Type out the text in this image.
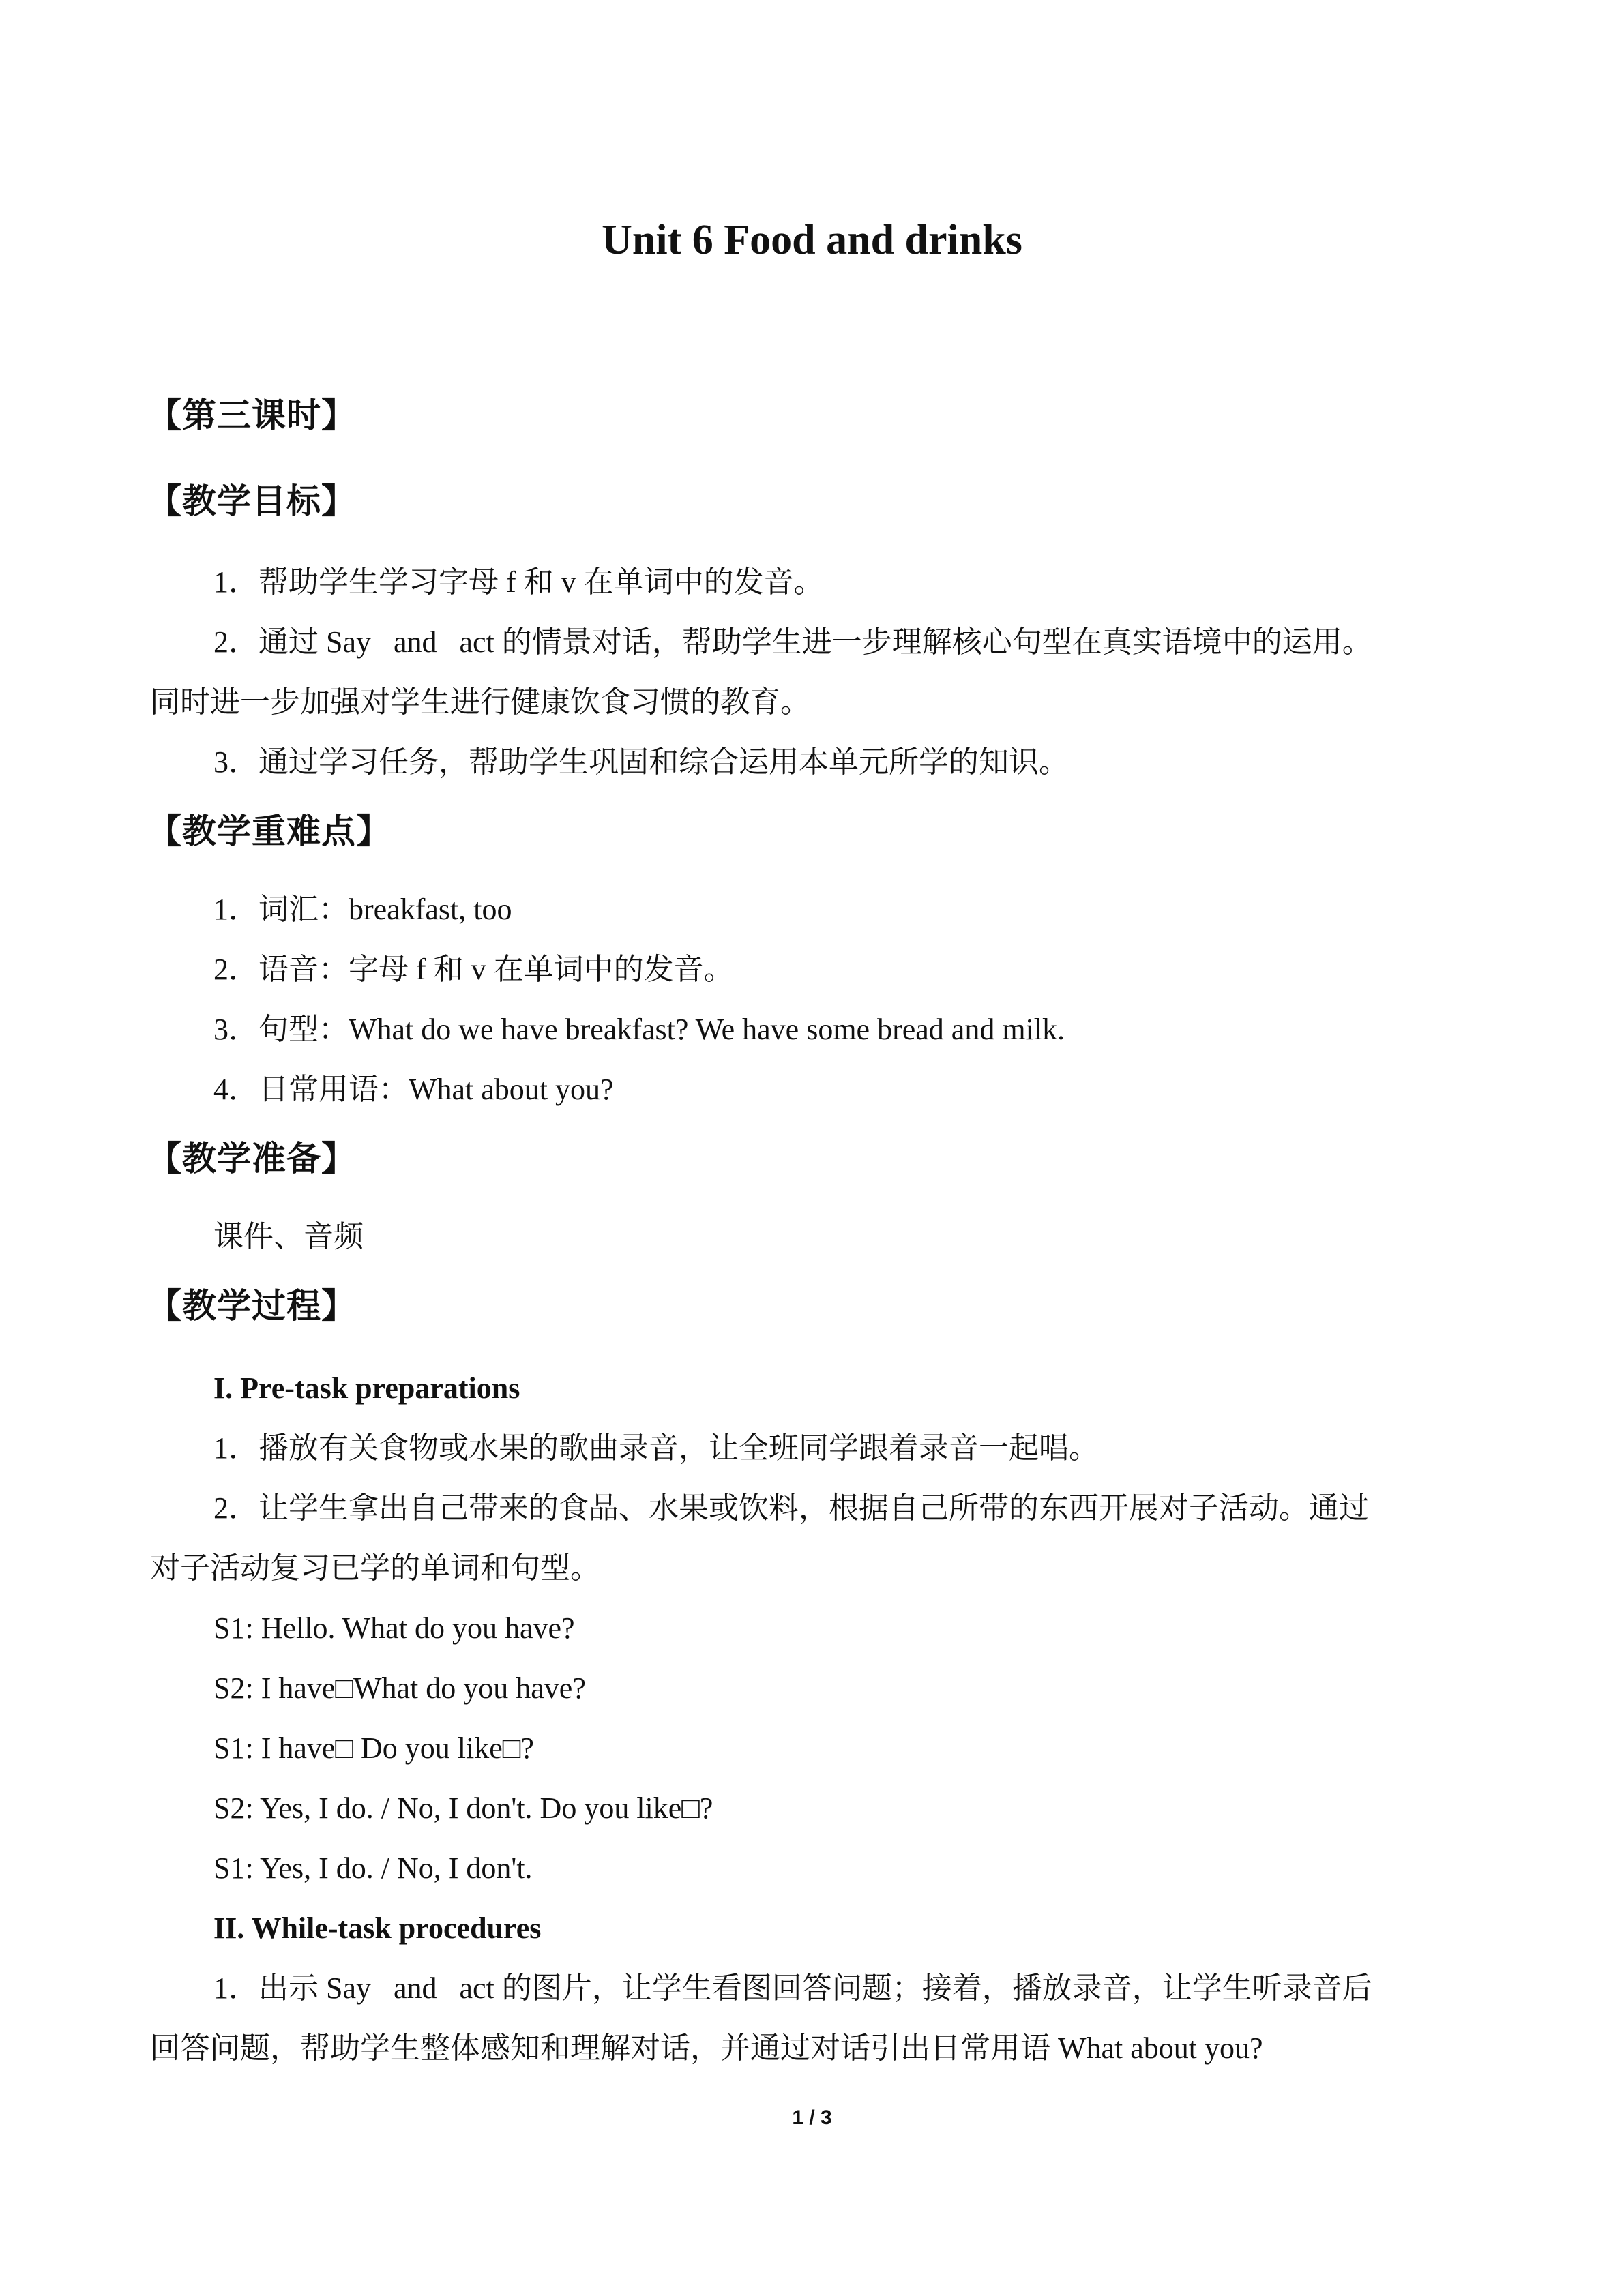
Unit 6 Food and drinks
【第三课时】
【教学目标】
1．帮助学生学习字母 f 和 v 在单词中的发音。
2．通过 Say   and   act 的情景对话，帮助学生进一步理解核心句型在真实语境中的运用。
同时进一步加强对学生进行健康饮食习惯的教育。
3．通过学习任务，帮助学生巩固和综合运用本单元所学的知识。
【教学重难点】
1．词汇：breakfast, too
2．语音：字母 f 和 v 在单词中的发音。
3．句型：What do we have breakfast? We have some bread and milk.
4．日常用语：What about you?
【教学准备】
课件、音频
【教学过程】
I. Pre-task preparations
1．播放有关食物或水果的歌曲录音，让全班同学跟着录音一起唱。
2．让学生拿出自己带来的食品、水果或饮料，根据自己所带的东西开展对子活动。通过
对子活动复习已学的单词和句型。
S1: Hello. What do you have?
S2: I have□What do you have?
S1: I have□ Do you like□?
S2: Yes, I do. / No, I don't. Do you like□?
S1: Yes, I do. / No, I don't.
II. While-task procedures
1．出示 Say   and   act 的图片，让学生看图回答问题；接着，播放录音，让学生听录音后
回答问题，帮助学生整体感知和理解对话，并通过对话引出日常用语 What about you?
1 / 3
